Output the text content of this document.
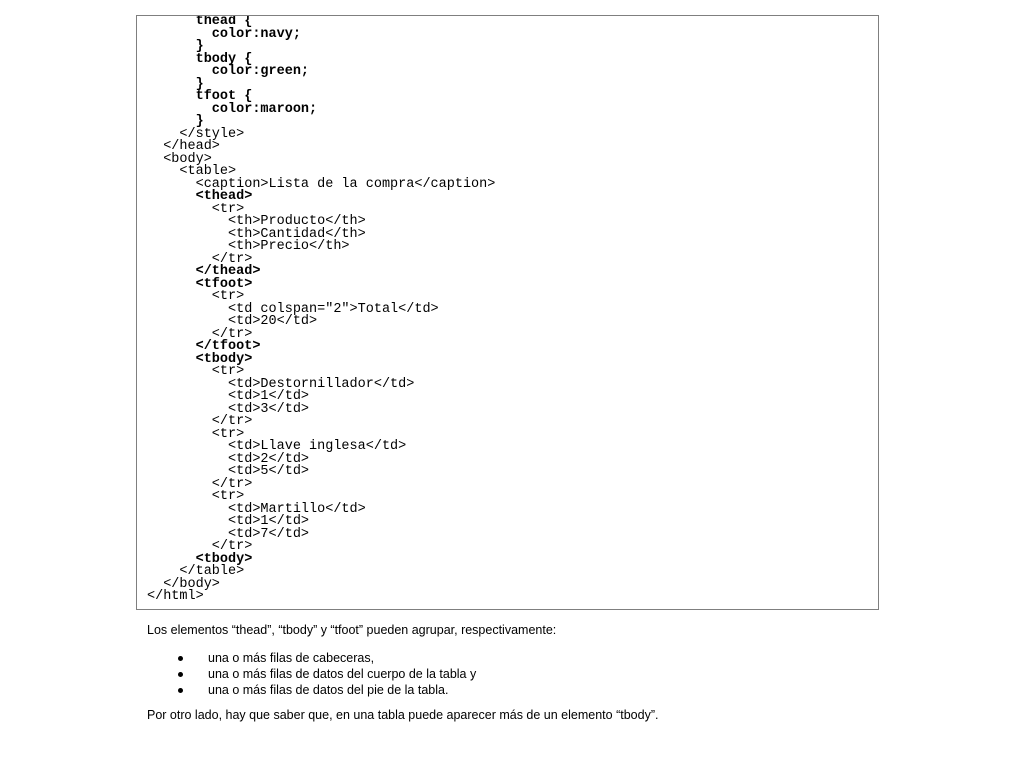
thead {
color:navy;
}
tbody {
color:green;
}
tfoot {
color:maroon;
}
</style>
</head>
<body>
<table>
<caption>Lista de la compra</caption>
<thead>
<tr>
<th>Producto</th>
<th>Cantidad</th>
<th>Precio</th>
</tr>
</thead>
<tfoot>
<tr>
<td colspan="2">Total</td>
<td>20</td>
</tr>
</tfoot>
<tbody>
<tr>
<td>Destornillador</td>
<td>1</td>
<td>3</td>
</tr>
<tr>
<td>Llave inglesa</td>
<td>2</td>
<td>5</td>
</tr>
<tr>
<td>Martillo</td>
<td>1</td>
<td>7</td>
</tr>
<tbody>
</table>
</body>
</html>
Los elementos “thead”, “tbody” y “tfoot” pueden agrupar, respectivamente:
una o más filas de cabeceras,
una o más filas de datos del cuerpo de la tabla y
una o más filas de datos del pie de la tabla.
Por otro lado, hay que saber que, en una tabla puede aparecer más de un elemento “tbody”.
